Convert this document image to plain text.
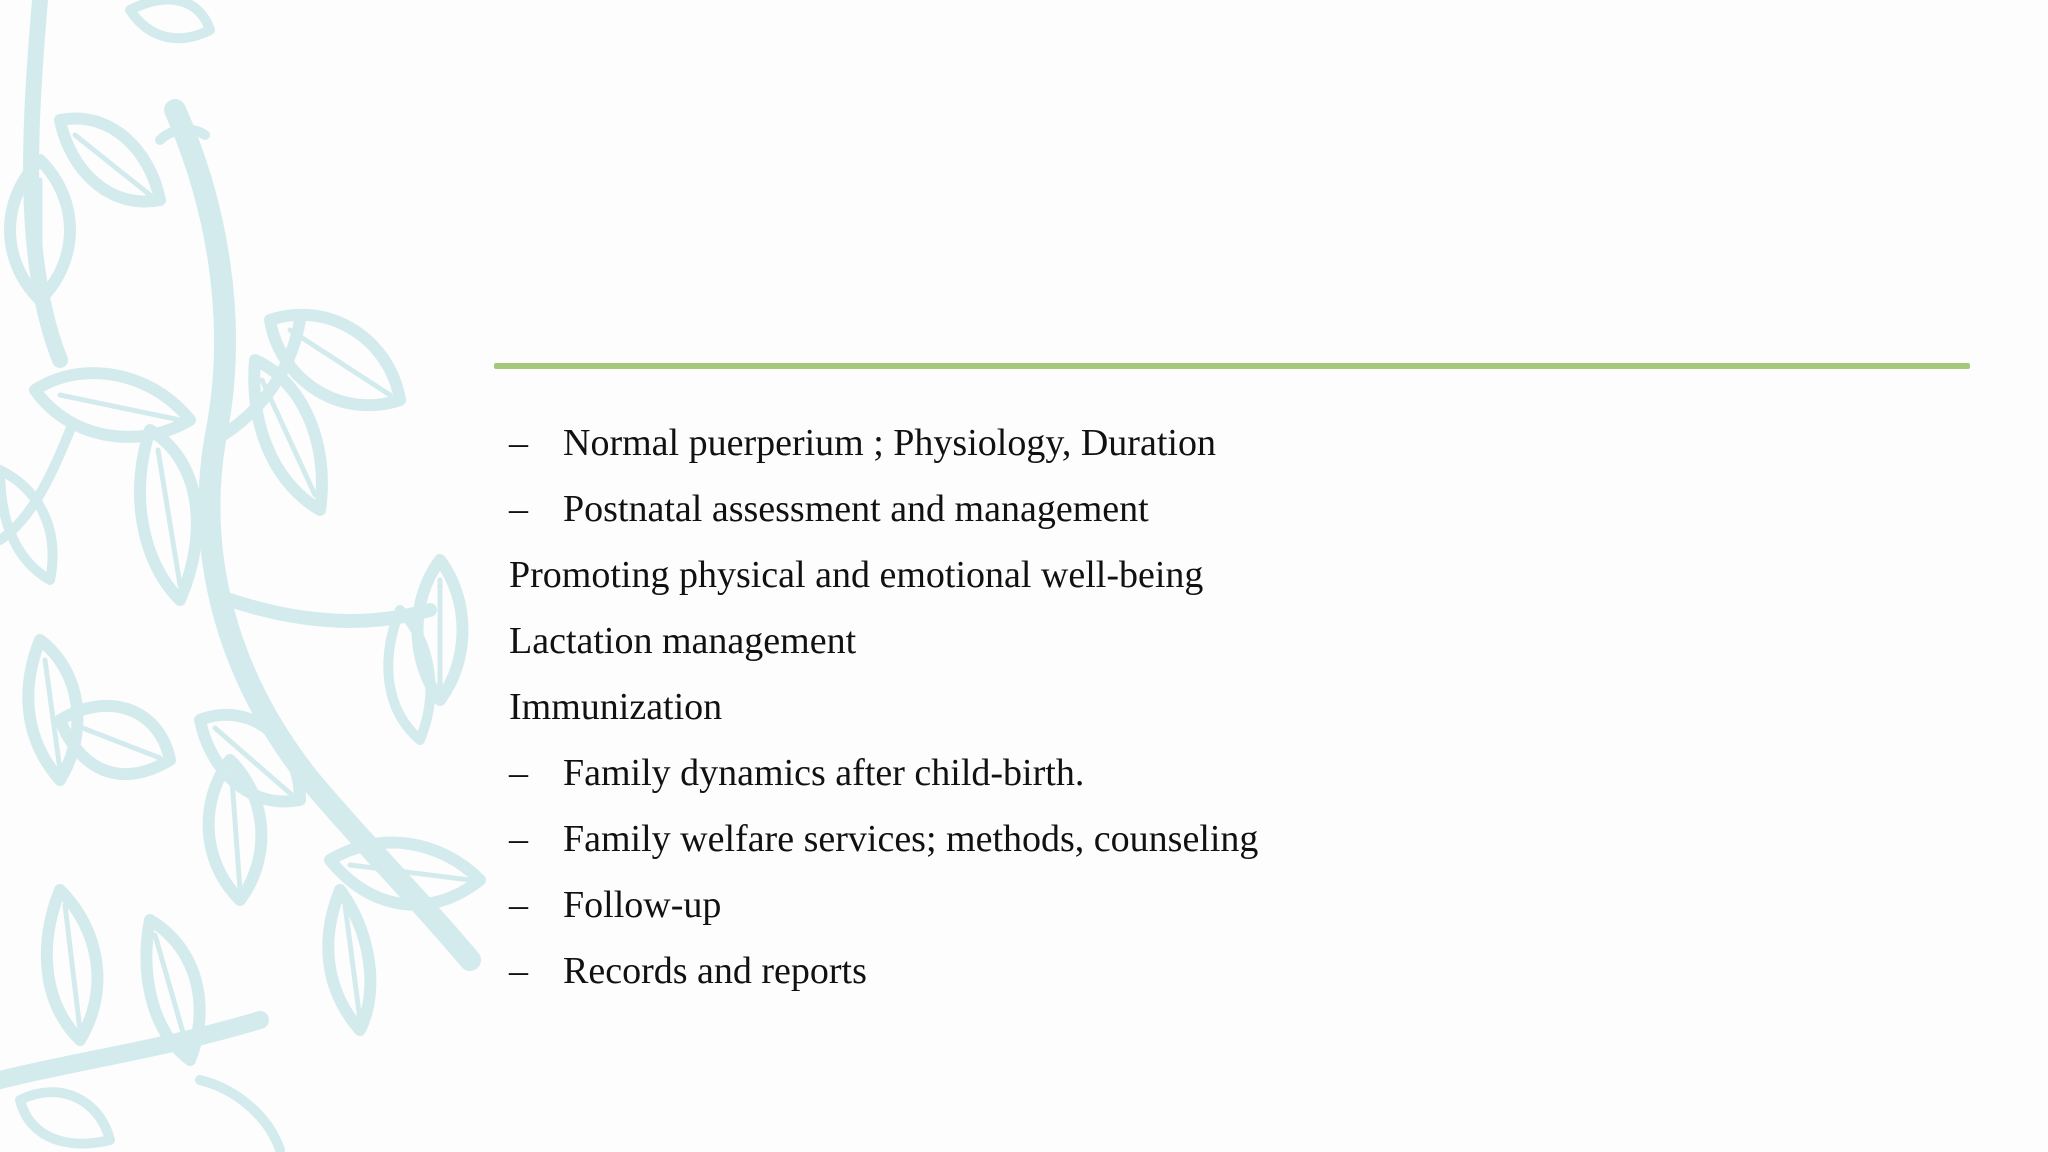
– Normal puerperium ; Physiology, Duration
– Postnatal assessment and management
Promoting physical and emotional well-being
Lactation management
Immunization
– Family dynamics after child-birth.
– Family welfare services; methods, counseling
– Follow-up
– Records and reports
